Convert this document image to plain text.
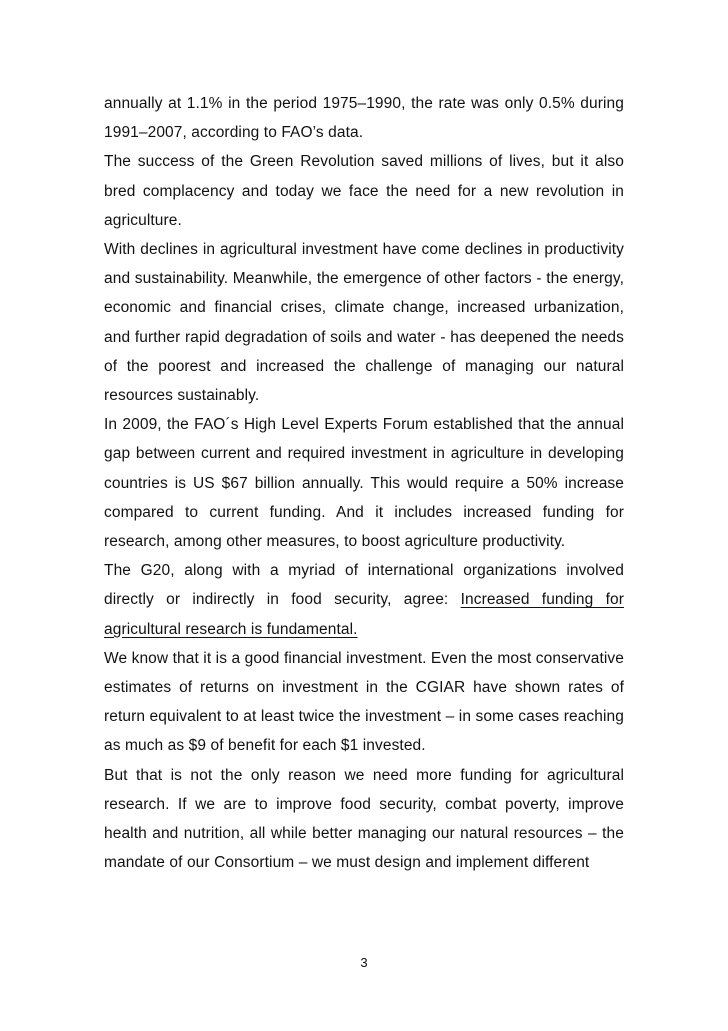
annually at 1.1% in the period 1975–1990, the rate was only 0.5% during 1991–2007, according to FAO’s data.

The success of the Green Revolution saved millions of lives, but it also bred complacency and today we face the need for a new revolution in agriculture.

With declines in agricultural investment have come declines in productivity and sustainability. Meanwhile, the emergence of other factors - the energy, economic and financial crises, climate change, increased urbanization, and further rapid degradation of soils and water - has deepened the needs of the poorest and increased the challenge of managing our natural resources sustainably.

In 2009, the FAO´s High Level Experts Forum established that the annual gap between current and required investment in agriculture in developing countries is US $67 billion annually. This would require a 50% increase compared to current funding. And it includes increased funding for research, among other measures, to boost agriculture productivity.

The G20, along with a myriad of international organizations involved directly or indirectly in food security, agree: Increased funding for agricultural research is fundamental.

We know that it is a good financial investment. Even the most conservative estimates of returns on investment in the CGIAR have shown rates of return equivalent to at least twice the investment – in some cases reaching as much as $9 of benefit for each $1 invested.

But that is not the only reason we need more funding for agricultural research. If we are to improve food security, combat poverty, improve health and nutrition, all while better managing our natural resources – the mandate of our Consortium – we must design and implement different

3
